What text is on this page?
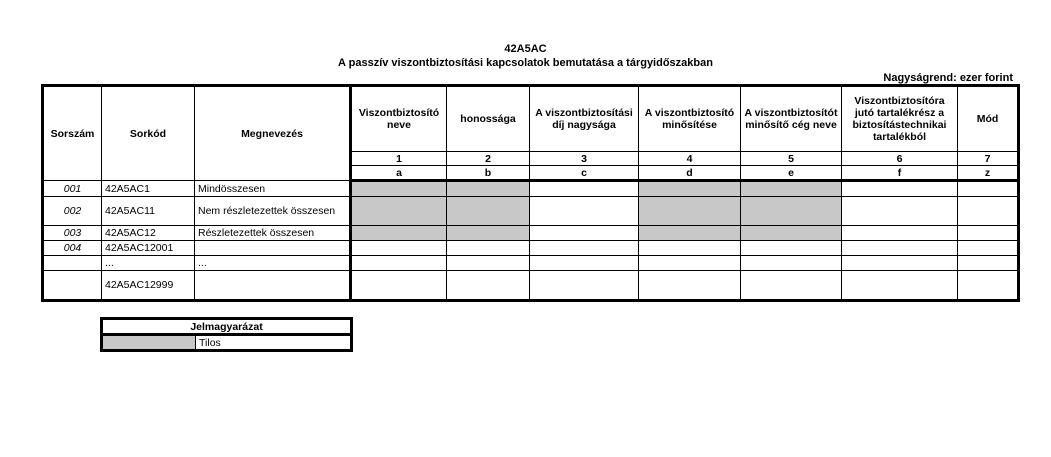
42A5AC
A passzív viszontbiztosítási kapcsolatok bemutatása a tárgyidőszakban
Nagyságrend: ezer forint
Sorszám	Sorkód	Megnevezés	Viszontbiztosító neve	honossága	A viszontbiztosítási díj nagysága	A viszontbiztosító minősítése	A viszontbiztosítót minősítő cég neve	Viszontbiztosítóra jutó tartalékrész a biztosítástechnikai tartalékból	Mód
			1	2	3	4	5	6	7
			a	b	c	d	e	f	z
001	42A5AC1	Mindösszesen							
002	42A5AC11	Nem részletezettek összesen							
003	42A5AC12	Részletezettek összesen							
004	42A5AC12001								
	...	...							
	42A5AC12999								
Jelmagyarázat
	Tilos
